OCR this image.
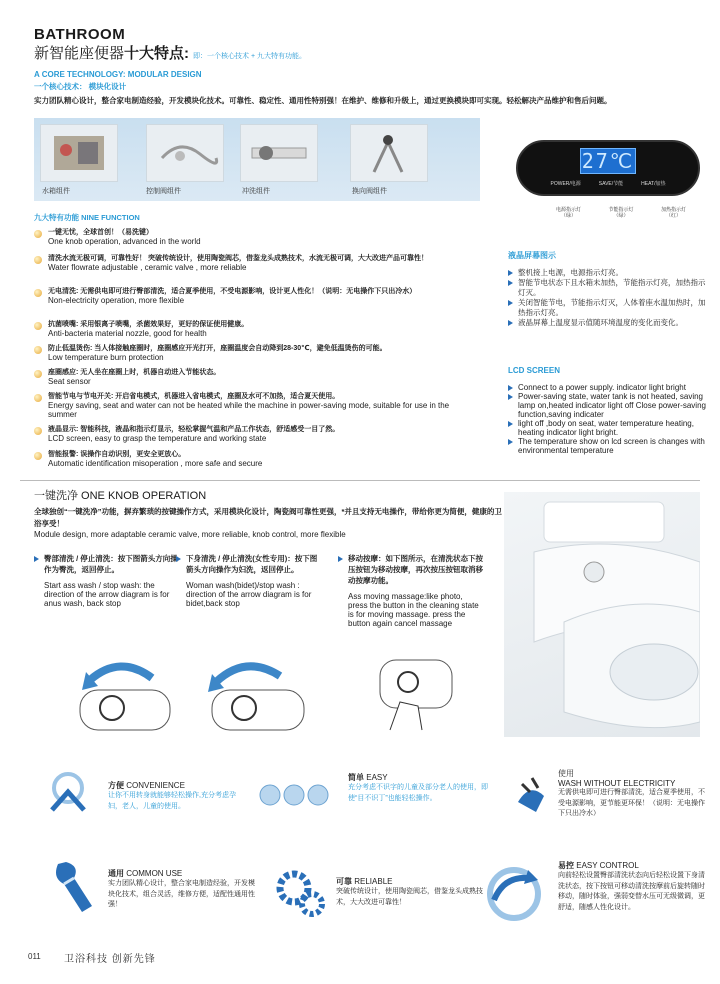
BATHROOM
新智能座便器十大特点: 即：一个核心技术 + 九大特有功能。
A CORE TECHNOLOGY: MODULAR DESIGN
一个核心技术： 模块化设计
实力团队精心设计，整合家电制造经验，开发模块化技术。可靠性、稳定性、通用性特别强！在维护、维修和升级上，通过更换模块即可实现。轻松解决产品维护和售后问题。
水箱组件	控制阀组件	冲洗组件	换向阀组件
27℃
POWER/电源	SAVE/节能	HEAT/加热
电源指示灯
（绿）
节能指示灯
（绿）
加热指示灯
（红）
九大特有功能 NINE FUNCTION
一键无忧，全球首创！（易洗键）
One knob operation, advanced in the world
清洗水流无极可调，可靠性好！ 突破传统设计，使用陶瓷阀芯，借鉴龙头成熟技术，水流无极可调，大大改进产品可靠性！
Water flowrate adjustable , ceramic valve , more reliable
无电清洗: 无需供电即可进行臀部清洗，适合夏季使用，不受电源影响，设计更人性化！（说明：无电操作下只出冷水）
Non-electricity operation, more flexible
抗菌喷嘴: 采用银离子喷嘴，杀菌效果好，更好的保证使用健康。
Anti-bacteria material nozzle, good for health
防止低温烫伤: 当人体接触座圈时，座圈感应开光打开，座圈温度会自动降到28-30℃，避免低温烫伤的可能。
Low temperature burn protection
座圈感应: 无人坐在座圈上时，机器自动进入节能状态。
Seat sensor
智能节电与节电开关: 开启省电模式，机器进入省电模式，座圈及水可不加热，适合夏天使用。
Energy saving, seat and water can not be heated while the machine in power-saving mode, suitable for use in the summer
液晶显示: 智能科技，液晶和指示灯显示，轻松掌握气温和产品工作状态，舒适感受一目了然。
LCD screen, easy to grasp the temperature and working state
智能报警: 误操作自动识别，更安全更放心。
Automatic identification misoperation , more safe and secure
液晶屏幕图示
整机接上电源，电源指示灯亮。
智能节电状态下且水箱未加热，节能指示灯亮，加热指示灯灭。
关闭智能节电，节能指示灯灭，人体着座水温加热时，加热指示灯亮。
液晶屏幕上温度显示值随环境温度的变化而变化。
LCD SCREEN
Connect to a power supply. indicator light bright
Power-saving state, water tank is not heated, saving lamp on,heated indicator light off Close power-saving function,saving indicater
light off ,body on seat, water temperature heating, heating indicator light bright.
The temperature show on lcd screen is changes with environmental temperature
一键洗净 ONE KNOB OPERATION
全球独创“一键洗净”功能，摒弃繁琐的按键操作方式，采用模块化设计，陶瓷阀可靠性更强，*并且支持无电操作，带给你更为简便，健康的卫浴享受！
Module design, more adaptable ceramic valve, more reliable, knob control, more flexible
臀部清洗 / 停止清洗：按下图箭头方向操作为臀洗，返回停止。
Start ass wash / stop wash: the direction of the arrow diagram is for anus wash, back stop
下身清洗 / 停止清洗(女性专用)：按下图箭头方向操作为妇洗，返回停止。
Woman wash(bidet)/stop wash : direction of the arrow diagram is for bidet,back stop
移动按摩：如下图所示，在清洗状态下按压按钮为移动按摩，再次按压按钮取消移动按摩功能。
Ass moving massage:like photo, press the button in the cleaning state is for moving massage. press the button again cancel massage
方便 CONVENIENCE
让你不用转身就能够轻松操作,充分考虑孕妇，老人，儿童的使用。
简单 EASY
充分考虑不识字的儿童及部分老人的使用，即使“目不识丁”也能轻松操作。
使用
WASH WITHOUT ELECTRICITY
无需供电即可进行臀部清洗，适合夏季使用，不受电源影响，更节能更环保！（说明：无电操作下只出冷水）
通用 COMMON USE
实力团队精心设计，整合家电制造经验，开发模块化技术，组合灵活，维修方便，适配性通用性强！
可靠 RELIABLE
突破传统设计，使用陶瓷阀芯，借鉴龙头成熟技术，大大改进可靠性！
易控 EASY CONTROL
向前轻松设置臀部清洗状态向后轻松设置下身清洗状态，按下按钮可移动清洗按摩前后旋转随时移动，随时体验，强弱变替水压可无级微调，更舒适，随感人性化设计。
011 卫浴科技 创新先锋
